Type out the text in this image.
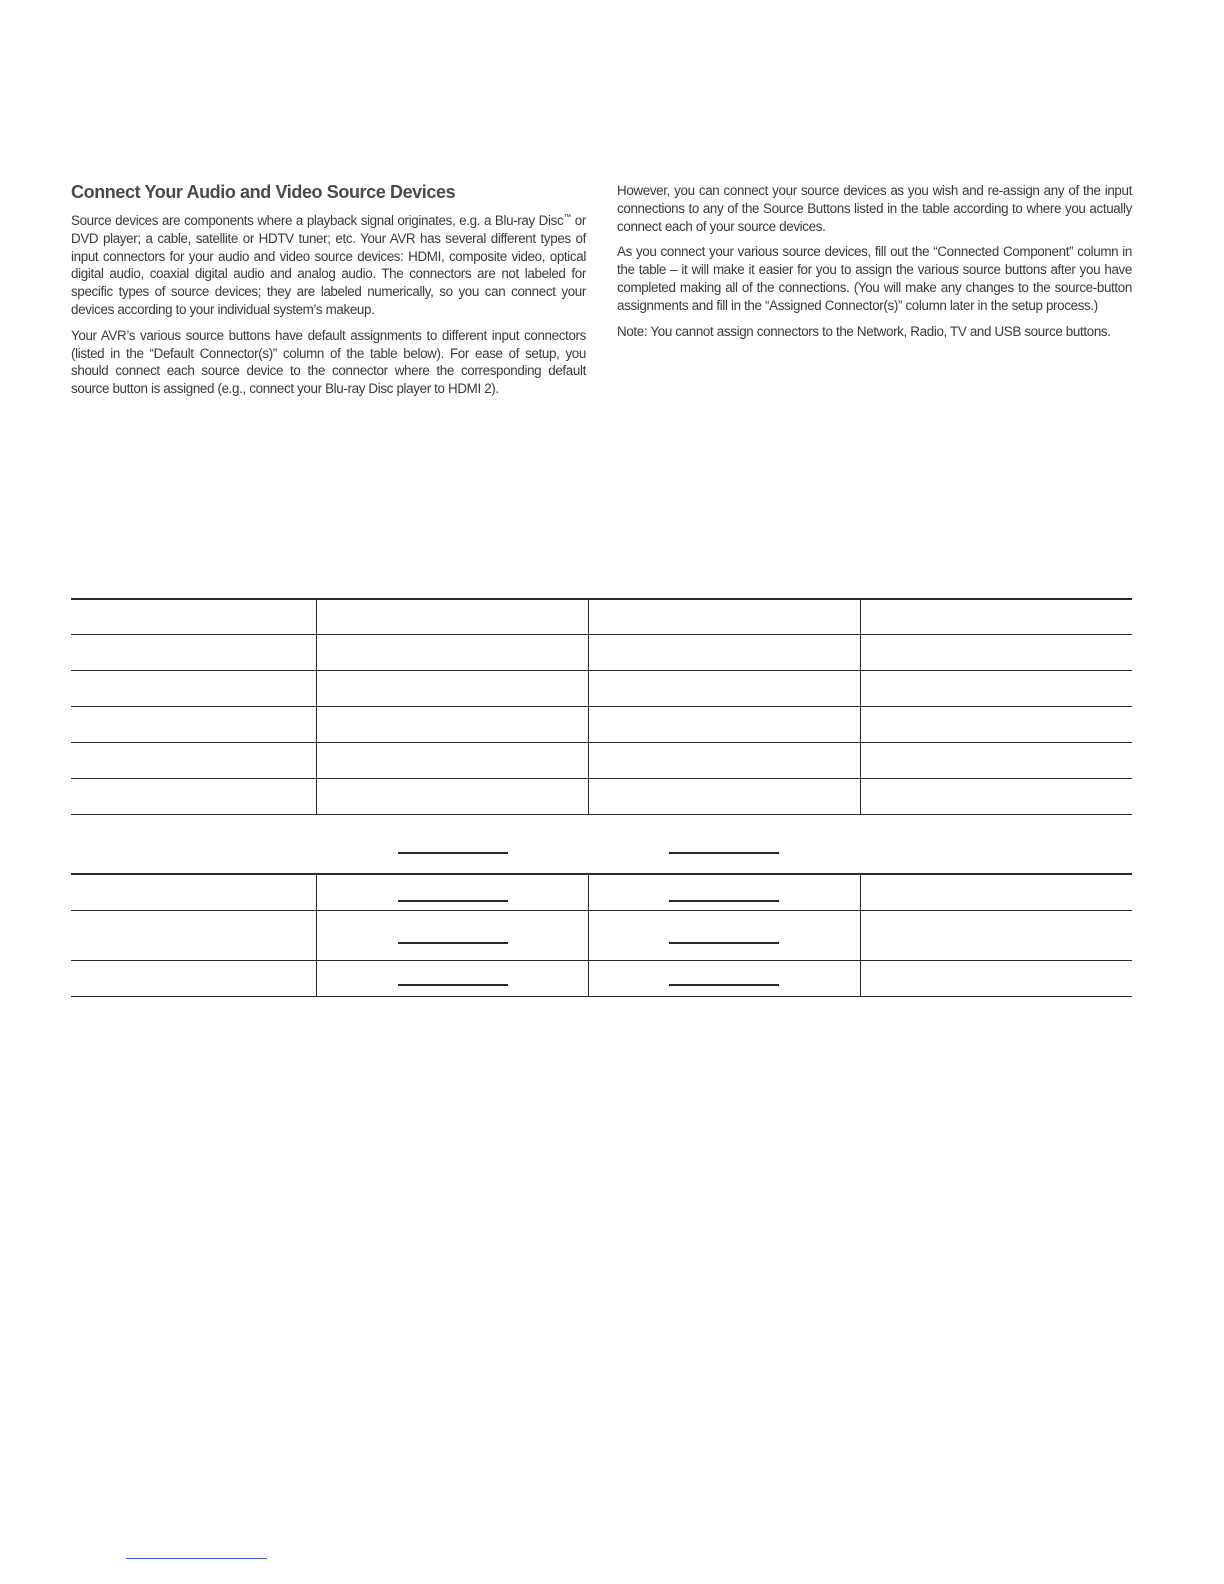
Connect Your Audio and Video Source Devices

Source devices are components where a playback signal originates, e.g. a Blu-ray Disc™ or DVD player; a cable, satellite or HDTV tuner; etc. Your AVR has several different types of input connectors for your audio and video source devices: HDMI, composite video, optical digital audio, coaxial digital audio and analog audio. The connectors are not labeled for specific types of source devices; they are labeled numerically, so you can connect your devices according to your individual system’s makeup.

Your AVR’s various source buttons have default assignments to different input connectors (listed in the “Default Connector(s)” column of the table below). For ease of setup, you should connect each source device to the connector where the corresponding default source button is assigned (e.g., connect your Blu-ray Disc player to HDMI 2).

However, you can connect your source devices as you wish and re-assign any of the input connections to any of the Source Buttons listed in the table according to where you actually connect each of your source devices.

As you connect your various source devices, fill out the “Connected Component” column in the table – it will make it easier for you to assign the various source buttons after you have completed making all of the connections. (You will make any changes to the source-button assignments and fill in the “Assigned Connector(s)” column later in the setup process.)

Note: You cannot assign connectors to the Network, Radio, TV and USB source buttons.
